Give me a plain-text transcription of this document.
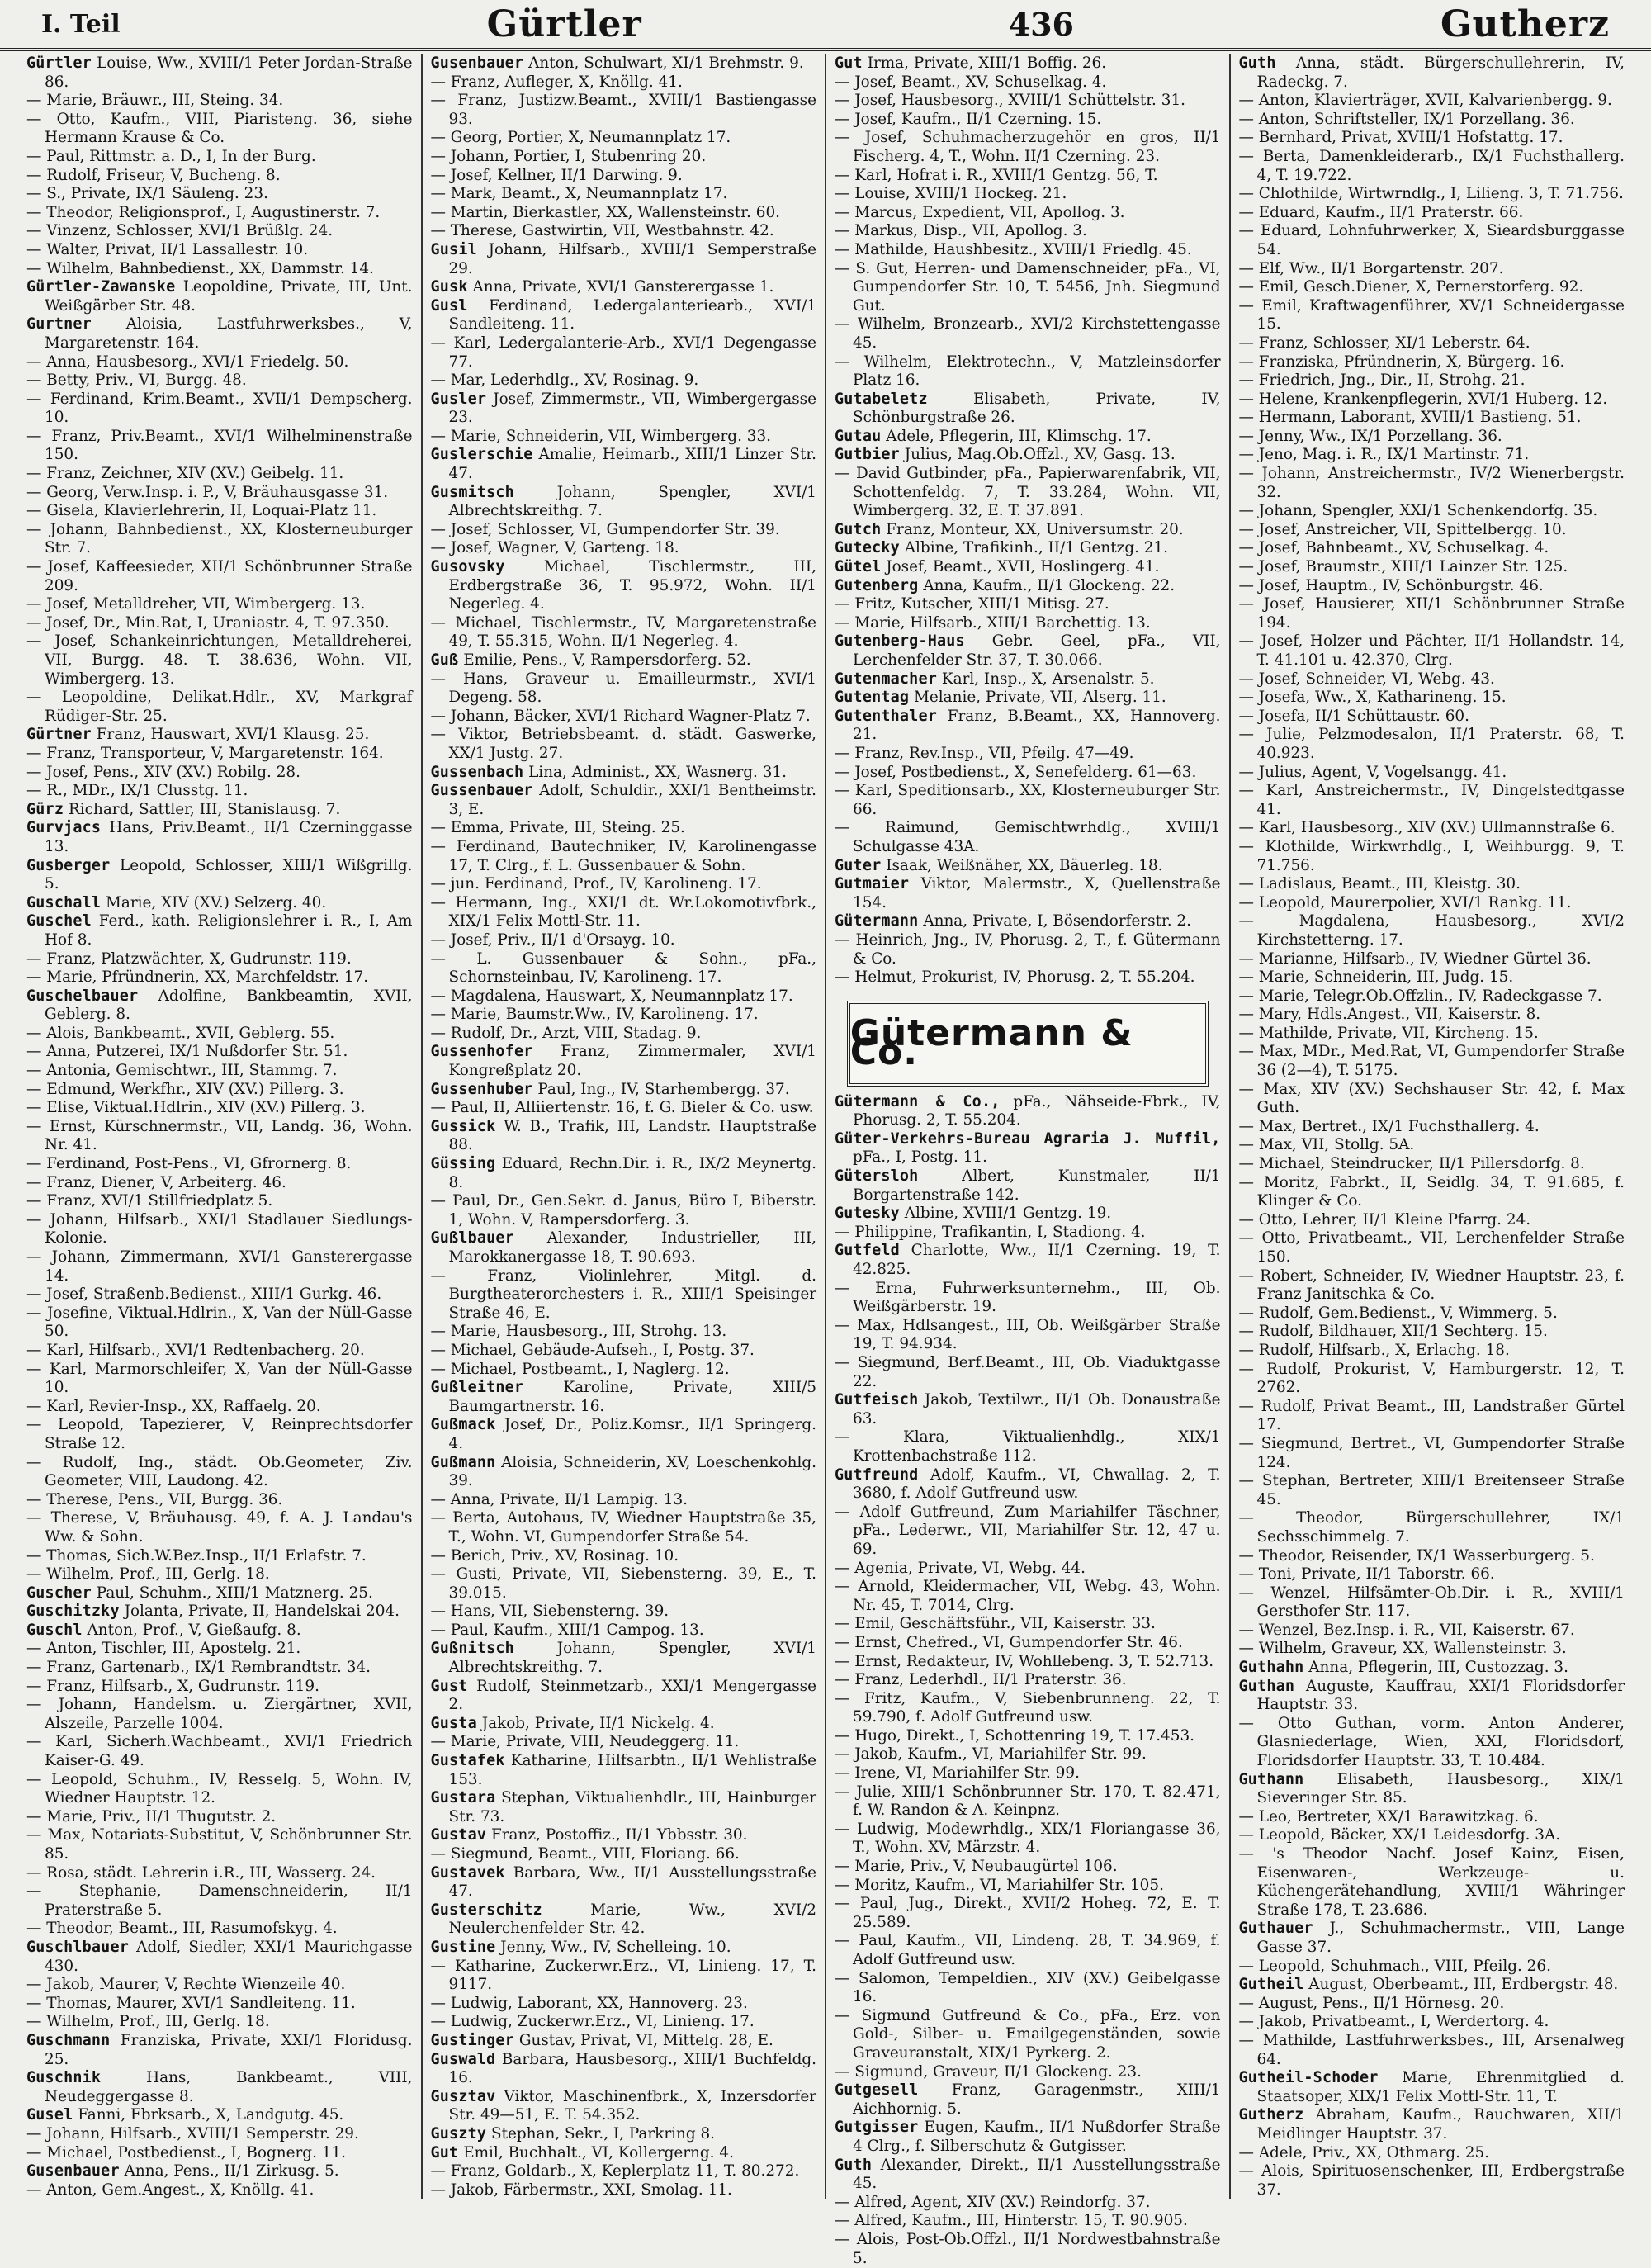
I. Teil	Gürtler	436	Gutherz

Gürtler Louise, Ww., XVIII/1 Peter Jordan-Straße 86.

— Marie, Bräuwr., III, Steing. 34.

— Otto, Kaufm., VIII, Piaristeng. 36, siehe Hermann Krause & Co.

— Paul, Rittmstr. a. D., I, In der Burg.

— Rudolf, Friseur, V, Bucheng. 8.

— S., Private, IX/1 Säuleng. 23.

— Theodor, Religionsprof., I, Augustinerstr. 7.

— Vinzenz, Schlosser, XVI/1 Brüßlg. 24.

— Walter, Privat, II/1 Lassallestr. 10.

— Wilhelm, Bahnbedienst., XX, Dammstr. 14.

Gürtler-Zawanske Leopoldine, Private, III, Unt. Weißgärber Str. 48.

Gurtner Aloisia, Lastfuhrwerksbes., V, Margaretenstr. 164.

— Anna, Hausbesorg., XVI/1 Friedelg. 50.

— Betty, Priv., VI, Burgg. 48.

— Ferdinand, Krim.Beamt., XVII/1 Dempscherg. 10.

— Franz, Priv.Beamt., XVI/1 Wilhelminenstraße 150.

— Franz, Zeichner, XIV (XV.) Geibelg. 11.

— Georg, Verw.Insp. i. P., V, Bräuhausgasse 31.

— Gisela, Klavierlehrerin, II, Loquai-Platz 11.

— Johann, Bahnbedienst., XX, Klosterneuburger Str. 7.

— Josef, Kaffeesieder, XII/1 Schönbrunner Straße 209.

— Josef, Metalldreher, VII, Wimbergerg. 13.

— Josef, Dr., Min.Rat, I, Uraniastr. 4, T. 97.350.

— Josef, Schankeinrichtungen, Metalldreherei, VII, Burgg. 48. T. 38.636, Wohn. VII, Wimbergerg. 13.

— Leopoldine, Delikat.Hdlr., XV, Markgraf Rüdiger-Str. 25.

Gürtner Franz, Hauswart, XVI/1 Klausg. 25.

— Franz, Transporteur, V, Margaretenstr. 164.

— Josef, Pens., XIV (XV.) Robilg. 28.

— R., MDr., IX/1 Clusstg. 11.

Gürz Richard, Sattler, III, Stanislausg. 7.

Gurvjacs Hans, Priv.Beamt., II/1 Czerninggasse 13.

Gusberger Leopold, Schlosser, XIII/1 Wißgrillg. 5.

Guschall Marie, XIV (XV.) Selzerg. 40.

Guschel Ferd., kath. Religionslehrer i. R., I, Am Hof 8.

— Franz, Platzwächter, X, Gudrunstr. 119.

— Marie, Pfründnerin, XX, Marchfeldstr. 17.

Guschelbauer Adolfine, Bankbeamtin, XVII, Geblerg. 8.

— Alois, Bankbeamt., XVII, Geblerg. 55.

— Anna, Putzerei, IX/1 Nußdorfer Str. 51.

— Antonia, Gemischtwr., III, Stammg. 7.

— Edmund, Werkfhr., XIV (XV.) Pillerg. 3.

— Elise, Viktual.Hdlrin., XIV (XV.) Pillerg. 3.

— Ernst, Kürschnermstr., VII, Landg. 36, Wohn. Nr. 41.

— Ferdinand, Post-Pens., VI, Gfrornerg. 8.

— Franz, Diener, V, Arbeiterg. 46.

— Franz, XVI/1 Stillfriedplatz 5.

— Johann, Hilfsarb., XXI/1 Stadlauer Siedlungs-Kolonie.

— Johann, Zimmermann, XVI/1 Gansterergasse 14.

— Josef, Straßenb.Bedienst., XIII/1 Gurkg. 46.

— Josefine, Viktual.Hdlrin., X, Van der Nüll-Gasse 50.

— Karl, Hilfsarb., XVI/1 Redtenbacherg. 20.

— Karl, Marmorschleifer, X, Van der Nüll-Gasse 10.

— Karl, Revier-Insp., XX, Raffaelg. 20.

— Leopold, Tapezierer, V, Reinprechtsdorfer Straße 12.

— Rudolf, Ing., städt. Ob.Geometer, Ziv. Geometer, VIII, Laudong. 42.

— Therese, Pens., VII, Burgg. 36.

— Therese, V, Bräuhausg. 49, f. A. J. Landau's Ww. & Sohn.

— Thomas, Sich.W.Bez.Insp., II/1 Erlafstr. 7.

— Wilhelm, Prof., III, Gerlg. 18.

Guscher Paul, Schuhm., XIII/1 Matznerg. 25.

Guschitzky Jolanta, Private, II, Handelskai 204.

Guschl Anton, Prof., V, Gießaufg. 8.

— Anton, Tischler, III, Apostelg. 21.

— Franz, Gartenarb., IX/1 Rembrandtstr. 34.

— Franz, Hilfsarb., X, Gudrunstr. 119.

— Johann, Handelsm. u. Ziergärtner, XVII, Alszeile, Parzelle 1004.

— Karl, Sicherh.Wachbeamt., XVI/1 Friedrich Kaiser-G. 49.

— Leopold, Schuhm., IV, Resselg. 5, Wohn. IV, Wiedner Hauptstr. 12.

— Marie, Priv., II/1 Thugutstr. 2.

— Max, Notariats-Substitut, V, Schönbrunner Str. 85.

— Rosa, städt. Lehrerin i.R., III, Wasserg. 24.

— Stephanie, Damenschneiderin, II/1 Praterstraße 5.

— Theodor, Beamt., III, Rasumofskyg. 4.

Guschlbauer Adolf, Siedler, XXI/1 Maurichgasse 430.

— Jakob, Maurer, V, Rechte Wienzeile 40.

— Thomas, Maurer, XVI/1 Sandleiteng. 11.

— Wilhelm, Prof., III, Gerlg. 18.

Guschmann Franziska, Private, XXI/1 Floridusg. 25.

Guschnik	Hans, Bankbeamt., VIII, Neudeggergasse 8.

Gusel Fanni, Fbrksarb., X, Landgutg. 45.

— Johann, Hilfsarb., XVIII/1 Semperstr. 29.

— Michael, Postbedienst., I, Bognerg. 11.

Gusenbauer Anna, Pens., II/1 Zirkusg. 5.

— Anton, Gem.Angest., X, Knöllg. 41.

Gusenbauer Anton, Schulwart, XI/1 Brehmstr. 9.

— Franz, Aufleger, X, Knöllg. 41.

— Franz, Justizw.Beamt., XVIII/1 Bastiengasse 93.

— Georg, Portier, X, Neumannplatz 17.

— Johann, Portier, I, Stubenring 20.

— Josef, Kellner, II/1 Darwing. 9.

— Mark, Beamt., X, Neumannplatz 17.

— Martin, Bierkastler, XX, Wallensteinstr. 60.

— Therese, Gastwirtin, VII, Westbahnstr. 42.

Gusil Johann, Hilfsarb., XVIII/1 Semperstraße 29.

Gusk Anna, Private, XVI/1 Gansterergasse 1.

Gusl Ferdinand, Ledergalanteriearb., XVI/1 Sandleiteng. 11.

— Karl, Ledergalanterie-Arb., XVI/1 Degengasse 77.

— Mar, Lederhdlg., XV, Rosinag. 9.

Gusler Josef, Zimmermstr., VII, Wimbergergasse 23.

— Marie, Schneiderin, VII, Wimbergerg. 33.

Guslerschie Amalie, Heimarb., XIII/1 Linzer Str. 47.

Gusmitsch	Johann, Spengler, XVI/1 Albrechtskreithg. 7.

— Josef, Schlosser, VI, Gumpendorfer Str. 39.

— Josef, Wagner, V, Garteng. 18.

Gusovsky	Michael, Tischlermstr., III, Erdbergstraße 36, T. 95.972, Wohn. II/1 Negerleg. 4.

— Michael, Tischlermstr., IV, Margaretenstraße 49, T. 55.315, Wohn. II/1 Negerleg. 4.

Guß Emilie, Pens., V, Rampersdorferg. 52.

— Hans, Graveur u. Emailleurmstr., XVI/1 Degeng. 58.

— Johann, Bäcker, XVI/1 Richard Wagner-Platz 7.

— Viktor, Betriebsbeamt. d. städt. Gaswerke, XX/1 Justg. 27.

Gussenbach Lina, Administ., XX, Wasnerg. 31.

Gussenbauer Adolf, Schuldir., XXI/1 Bentheimstr. 3, E.

— Emma, Private, III, Steing. 25.

— Ferdinand, Bautechniker, IV, Karolinengasse 17, T. Clrg., f. L. Gussenbauer & Sohn.

— jun. Ferdinand, Prof., IV, Karolineng. 17.

— Hermann, Ing., XXI/1 dt. Wr.Lokomotivfbrk., XIX/1 Felix Mottl-Str. 11.

— Josef, Priv., II/1 d'Orsayg. 10.

— L. Gussenbauer & Sohn., pFa., Schornsteinbau, IV, Karolineng. 17.

— Magdalena, Hauswart, X, Neumannplatz 17.

— Marie, Baumstr.Ww., IV, Karolineng. 17.

— Rudolf, Dr., Arzt, VIII, Stadag. 9.

Gussenhofer Franz, Zimmermaler, XVI/1 Kongreßplatz 20.

Gussenhuber Paul, Ing., IV, Starhembergg. 37.

— Paul, II, Alliiertenstr. 16, f. G. Bieler & Co. usw.

Gussick W. B., Trafik, III, Landstr. Hauptstraße 88.

Güssing Eduard, Rechn.Dir. i. R., IX/2 Meynertg. 8.

— Paul, Dr., Gen.Sekr. d. Janus, Büro I, Biberstr. 1, Wohn. V, Rampersdorferg. 3.

Gußlbauer Alexander, Industrieller, III, Marokkanergasse 18, T. 90.693.

—	Franz, Violinlehrer, Mitgl. d. Burgtheaterorchesters i. R., XIII/1 Speisinger Straße 46, E.

— Marie, Hausbesorg., III, Strohg. 13.

— Michael, Gebäude-Aufseh., I, Postg. 37.

— Michael, Postbeamt., I, Naglerg. 12.

Gußleitner	Karoline, Private, XIII/5 Baumgartnerstr. 16.

Gußmack Josef, Dr., Poliz.Komsr., II/1 Springerg. 4.

Gußmann Aloisia, Schneiderin, XV, Loeschenkohlg. 39.

— Anna, Private, II/1 Lampig. 13.

— Berta, Autohaus, IV, Wiedner Hauptstraße 35, T., Wohn. VI, Gumpendorfer Straße 54.

— Berich, Priv., XV, Rosinag. 10.

— Gusti, Private, VII, Siebensterng. 39, E., T. 39.015.

— Hans, VII, Siebensterng. 39.

— Paul, Kaufm., XIII/1 Campog. 13.

Gußnitsch	Johann, Spengler, XVI/1 Albrechtskreithg. 7.

Gust Rudolf, Steinmetzarb., XXI/1 Mengergasse 2.

Gusta Jakob, Private, II/1 Nickelg. 4.

— Marie, Private, VIII, Neudeggerg. 11.

Gustafek Katharine, Hilfsarbtn., II/1 Wehlistraße 153.

Gustara Stephan, Viktualienhdlr., III, Hainburger Str. 73.

Gustav Franz, Postoffiz., II/1 Ybbsstr. 30.

— Siegmund, Beamt., VIII, Floriang. 66.

Gustavek Barbara, Ww., II/1 Ausstellungsstraße 47.

Gusterschitz	Marie, Ww., XVI/2 Neulerchenfelder Str. 42.

Gustine Jenny, Ww., IV, Schelleing. 10.

— Katharine, Zuckerwr.Erz., VI, Linieng. 17, T. 9117.

— Ludwig, Laborant, XX, Hannoverg. 23.

— Ludwig, Zuckerwr.Erz., VI, Linieng. 17.

Gustinger Gustav, Privat, VI, Mittelg. 28, E.

Guswald Barbara, Hausbesorg., XIII/1 Buchfeldg. 16.

Gusztav Viktor, Maschinenfbrk., X, Inzersdorfer Str. 49—51, E. T. 54.352.

Guszty Stephan, Sekr., I, Parkring 8.

Gut Emil, Buchhalt., VI, Kollergerng. 4.

— Franz, Goldarb., X, Keplerplatz 11, T. 80.272.

— Jakob, Färbermstr., XXI, Smolag. 11.

Gut Irma, Private, XIII/1 Boffig. 26.

— Josef, Beamt., XV, Schuselkag. 4.

— Josef, Hausbesorg., XVIII/1 Schüttelstr. 31.

— Josef, Kaufm., II/1 Czerning. 15.

— Josef, Schuhmacherzugehör en gros, II/1 Fischerg. 4, T., Wohn. II/1 Czerning. 23.

— Karl, Hofrat i. R., XVIII/1 Gentzg. 56, T.

— Louise, XVIII/1 Hockeg. 21.

— Marcus, Expedient, VII, Apollog. 3.

— Markus, Disp., VII, Apollog. 3.

— Mathilde, Haushbesitz., XVIII/1 Friedlg. 45.

— S. Gut, Herren- und Damenschneider, pFa., VI, Gumpendorfer Str. 10, T. 5456, Jnh. Siegmund Gut.

— Wilhelm, Bronzearb., XVI/2 Kirchstettengasse 45.

— Wilhelm, Elektrotechn., V, Matzleinsdorfer Platz 16.

Gutabeletz	Elisabeth, Private, IV, Schönburgstraße 26.

Gutau Adele, Pflegerin, III, Klimschg. 17.

Gutbier Julius, Mag.Ob.Offzl., XV, Gasg. 13.

— David Gutbinder, pFa., Papierwarenfabrik, VII, Schottenfeldg. 7, T. 33.284, Wohn. VII, Wimbergerg. 32, E. T. 37.891.

Gutch Franz, Monteur, XX, Universumstr. 20.

Gutecky Albine, Trafikinh., II/1 Gentzg. 21.

Gütel Josef, Beamt., XVII, Hoslingerg. 41.

Gutenberg Anna, Kaufm., II/1 Glockeng. 22.

— Fritz, Kutscher, XIII/1 Mitisg. 27.

— Marie, Hilfsarb., XIII/1 Barchettig. 13.

Gutenberg-Haus Gebr. Geel, pFa., VII, Lerchenfelder Str. 37, T. 30.066.

Gutenmacher Karl, Insp., X, Arsenalstr. 5.

Gutentag Melanie, Private, VII, Alserg. 11.

Gutenthaler Franz, B.Beamt., XX, Hannoverg. 21.

— Franz, Rev.Insp., VII, Pfeilg. 47—49.

— Josef, Postbedienst., X, Senefelderg. 61—63.

— Karl, Speditionsarb., XX, Klosterneuburger Str. 66.

— Raimund, Gemischtwrhdlg., XVIII/1 Schulgasse 43A.

Guter Isaak, Weißnäher, XX, Bäuerleg. 18.

Gutmaier Viktor, Malermstr., X, Quellenstraße 154.

Gütermann Anna, Private, I, Bösendorferstr. 2.

— Heinrich, Jng., IV, Phorusg. 2, T., f. Gütermann & Co.

— Helmut, Prokurist, IV, Phorusg. 2, T. 55.204.

Gütermann & Co.

Gütermann & Co., pFa., Nähseide-Fbrk., IV, Phorusg. 2, T. 55.204.

Güter-Verkehrs-Bureau Agraria J. Muffil, pFa., I, Postg. 11.

Gütersloh	Albert, Kunstmaler, II/1 Borgartenstraße 142.

Gutesky Albine, XVIII/1 Gentzg. 19.

— Philippine, Trafikantin, I, Stadiong. 4.

Gutfeld Charlotte, Ww., II/1 Czerning. 19, T. 42.825.

— Erna, Fuhrwerksunternehm., III, Ob. Weißgärberstr. 19.

— Max, Hdlsangest., III, Ob. Weißgärber Straße 19, T. 94.934.

— Siegmund, Berf.Beamt., III, Ob. Viaduktgasse 22.

Gutfeisch Jakob, Textilwr., II/1 Ob. Donaustraße 63.

—	Klara, Viktualienhdlg., XIX/1 Krottenbachstraße 112.

Gutfreund Adolf, Kaufm., VI, Chwallag. 2, T. 3680, f. Adolf Gutfreund usw.

— Adolf Gutfreund, Zum Mariahilfer Täschner, pFa., Lederwr., VII, Mariahilfer Str. 12, 47 u. 69.

— Agenia, Private, VI, Webg. 44.

— Arnold, Kleidermacher, VII, Webg. 43, Wohn. Nr. 45, T. 7014, Clrg.

— Emil, Geschäftsführ., VII, Kaiserstr. 33.

— Ernst, Chefred., VI, Gumpendorfer Str. 46.

— Ernst, Redakteur, IV, Wohllebeng. 3, T. 52.713.

— Franz, Lederhdl., II/1 Praterstr. 36.

— Fritz, Kaufm., V, Siebenbrunneng. 22, T. 59.790, f. Adolf Gutfreund usw.

— Hugo, Direkt., I, Schottenring 19, T. 17.453.

— Jakob, Kaufm., VI, Mariahilfer Str. 99.

— Irene, VI, Mariahilfer Str. 99.

— Julie, XIII/1 Schönbrunner Str. 170, T. 82.471, f. W. Randon & A. Keinpnz.

— Ludwig, Modewrhdlg., XIX/1 Floriangasse 36, T., Wohn. XV, Märzstr. 4.

— Marie, Priv., V, Neubaugürtel 106.

— Moritz, Kaufm., VI, Mariahilfer Str. 105.

— Paul, Jug., Direkt., XVII/2 Hoheg. 72, E. T. 25.589.

— Paul, Kaufm., VII, Lindeng. 28, T. 34.969, f. Adolf Gutfreund usw.

— Salomon, Tempeldien., XIV (XV.) Geibelgasse 16.

— Sigmund Gutfreund & Co., pFa., Erz. von Gold-, Silber- u. Emailgegenständen, sowie Graveuranstalt, XIX/1 Pyrkerg. 2.

— Sigmund, Graveur, II/1 Glockeng. 23.

Gutgesell Franz, Garagenmstr., XIII/1 Aichhornig. 5.

Gutgisser Eugen, Kaufm., II/1 Nußdorfer Straße 4 Clrg., f. Silberschutz & Gutgisser.

Guth Alexander, Direkt., II/1 Ausstellungsstraße 45.

— Alfred, Agent, XIV (XV.) Reindorfg. 37.

— Alfred, Kaufm., III, Hinterstr. 15, T. 90.905.

— Alois, Post-Ob.Offzl., II/1 Nordwestbahnstraße 5.

Guth Anna, städt. Bürgerschullehrerin, IV, Radeckg. 7.

— Anton, Klavierträger, XVII, Kalvarienbergg. 9.

— Anton, Schriftsteller, IX/1 Porzellang. 36.

— Bernhard, Privat, XVIII/1 Hofstattg. 17.

— Berta, Damenkleiderarb., IX/1 Fuchsthallerg. 4, T. 19.722.

— Chlothilde, Wirtwrndlg., I, Lilieng. 3, T. 71.756.

— Eduard, Kaufm., II/1 Praterstr. 66.

— Eduard, Lohnfuhrwerker, X, Sieardsburggasse 54.

— Elf, Ww., II/1 Borgartenstr. 207.

— Emil, Gesch.Diener, X, Pernerstorferg. 92.

— Emil, Kraftwagenführer, XV/1 Schneidergasse 15.

— Franz, Schlosser, XI/1 Leberstr. 64.

— Franziska, Pfründnerin, X, Bürgerg. 16.

— Friedrich, Jng., Dir., II, Strohg. 21.

— Helene, Krankenpflegerin, XVI/1 Huberg. 12.

— Hermann, Laborant, XVIII/1 Bastieng. 51.

— Jenny, Ww., IX/1 Porzellang. 36.

— Jeno, Mag. i. R., IX/1 Martinstr. 71.

— Johann, Anstreichermstr., IV/2 Wienerbergstr. 32.

— Johann, Spengler, XXI/1 Schenkendorfg. 35.

— Josef, Anstreicher, VII, Spittelbergg. 10.

— Josef, Bahnbeamt., XV, Schuselkag. 4.

— Josef, Braumstr., XIII/1 Lainzer Str. 125.

— Josef, Hauptm., IV, Schönburgstr. 46.

— Josef, Hausierer, XII/1 Schönbrunner Straße 194.

— Josef, Holzer und Pächter, II/1 Hollandstr. 14, T. 41.101 u. 42.370, Clrg.

— Josef, Schneider, VI, Webg. 43.

— Josefa, Ww., X, Katharineng. 15.

— Josefa, II/1 Schüttaustr. 60.

— Julie, Pelzmodesalon, II/1 Praterstr. 68, T. 40.923.

— Julius, Agent, V, Vogelsangg. 41.

— Karl, Anstreichermstr., IV, Dingelstedtgasse 41.

— Karl, Hausbesorg., XIV (XV.) Ullmannstraße 6.

— Klothilde, Wirkwrhdlg., I, Weihburgg. 9, T. 71.756.

— Ladislaus, Beamt., III, Kleistg. 30.

— Leopold, Maurerpolier, XVI/1 Rankg. 11.

—	Magdalena, Hausbesorg., XVI/2 Kirchstetterng. 17.

— Marianne, Hilfsarb., IV, Wiedner Gürtel 36.

— Marie, Schneiderin, III, Judg. 15.

— Marie, Telegr.Ob.Offzlin., IV, Radeckgasse 7.

— Mary, Hdls.Angest., VII, Kaiserstr. 8.

— Mathilde, Private, VII, Kircheng. 15.

— Max, MDr., Med.Rat, VI, Gumpendorfer Straße 36 (2—4), T. 5175.

— Max, XIV (XV.) Sechshauser Str. 42, f. Max Guth.

— Max, Bertret., IX/1 Fuchsthallerg. 4.

— Max, VII, Stollg. 5A.

— Michael, Steindrucker, II/1 Pillersdorfg. 8.

— Moritz, Fabrkt., II, Seidlg. 34, T. 91.685, f. Klinger & Co.

— Otto, Lehrer, II/1 Kleine Pfarrg. 24.

— Otto, Privatbeamt., VII, Lerchenfelder Straße 150.

— Robert, Schneider, IV, Wiedner Hauptstr. 23, f. Franz Janitschka & Co.

— Rudolf, Gem.Bedienst., V, Wimmerg. 5.

— Rudolf, Bildhauer, XII/1 Sechterg. 15.

— Rudolf, Hilfsarb., X, Erlachg. 18.

— Rudolf, Prokurist, V, Hamburgerstr. 12, T. 2762.

— Rudolf, Privat Beamt., III, Landstraßer Gürtel 17.

— Siegmund, Bertret., VI, Gumpendorfer Straße 124.

— Stephan, Bertreter, XIII/1 Breitenseer Straße 45.

—	Theodor, Bürgerschullehrer, IX/1 Sechsschimmelg. 7.

— Theodor, Reisender, IX/1 Wasserburgerg. 5.

— Toni, Private, II/1 Taborstr. 66.

— Wenzel, Hilfsämter-Ob.Dir. i. R., XVIII/1 Gersthofer Str. 117.

— Wenzel, Bez.Insp. i. R., VII, Kaiserstr. 67.

— Wilhelm, Graveur, XX, Wallensteinstr. 3.

Guthahn Anna, Pflegerin, III, Custozzag. 3.

Guthan Auguste, Kauffrau, XXI/1 Floridsdorfer Hauptstr. 33.

— Otto Guthan, vorm. Anton Anderer, Glasniederlage, Wien, XXI, Floridsdorf, Floridsdorfer Hauptstr. 33, T. 10.484.

Guthann Elisabeth, Hausbesorg., XIX/1 Sieveringer Str. 85.

— Leo, Bertreter, XX/1 Barawitzkag. 6.

— Leopold, Bäcker, XX/1 Leidesdorfg. 3A.

— 's Theodor Nachf. Josef Kainz, Eisen, Eisenwaren-, Werkzeuge- u. Küchengerätehandlung, XVIII/1 Währinger Straße 178, T. 23.686.

Guthauer J., Schuhmachermstr., VIII, Lange Gasse 37.

— Leopold, Schuhmach., VIII, Pfeilg. 26.

Gutheil August, Oberbeamt., III, Erdbergstr. 48.

— August, Pens., II/1 Hörnesg. 20.

— Jakob, Privatbeamt., I, Werdertorg. 4.

— Mathilde, Lastfuhrwerksbes., III, Arsenalweg 64.

Gutheil-Schoder Marie, Ehrenmitglied d. Staatsoper, XIX/1 Felix Mottl-Str. 11, T.

Gutherz Abraham, Kaufm., Rauchwaren, XII/1 Meidlinger Hauptstr. 37.

— Adele, Priv., XX, Othmarg. 25.

— Alois, Spirituosenschenker, III, Erdbergstraße 37.
